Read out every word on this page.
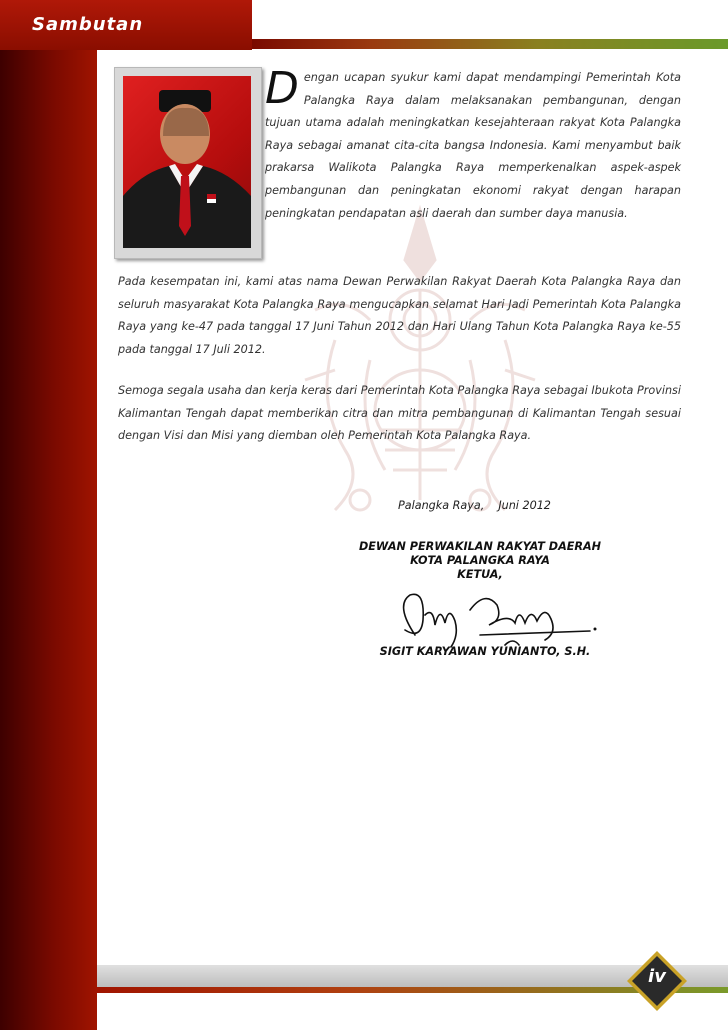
Sambutan
Dengan ucapan syukur kami dapat mendampingi Pemerintah Kota Palangka Raya dalam melaksanakan pembangunan, dengan tujuan utama adalah meningkatkan kesejahteraan rakyat Kota Palangka Raya sebagai amanat cita-cita bangsa Indonesia. Kami menyambut baik prakarsa Walikota Palangka Raya memperkenalkan aspek-aspek pembangunan dan peningkatan ekonomi rakyat dengan harapan peningkatan pendapatan asli daerah dan sumber daya manusia.
Pada kesempatan ini, kami atas nama Dewan Perwakilan Rakyat Daerah Kota Palangka Raya dan seluruh masyarakat Kota Palangka Raya mengucapkan selamat Hari Jadi Pemerintah Kota Palangka Raya yang ke-47 pada tanggal 17 Juni Tahun 2012 dan Hari Ulang Tahun Kota Palangka Raya ke-55 pada tanggal 17 Juli 2012.
Semoga segala usaha dan kerja keras dari Pemerintah Kota Palangka Raya sebagai Ibukota Provinsi Kalimantan Tengah dapat memberikan citra dan mitra pembangunan di Kalimantan Tengah sesuai dengan Visi dan Misi yang diemban oleh Pemerintah Kota Palangka Raya.
Palangka Raya, Juni 2012
DEWAN PERWAKILAN RAKYAT DAERAH
KOTA PALANGKA RAYA
KETUA,
SIGIT KARYAWAN YUNIANTO, S.H.
iv
